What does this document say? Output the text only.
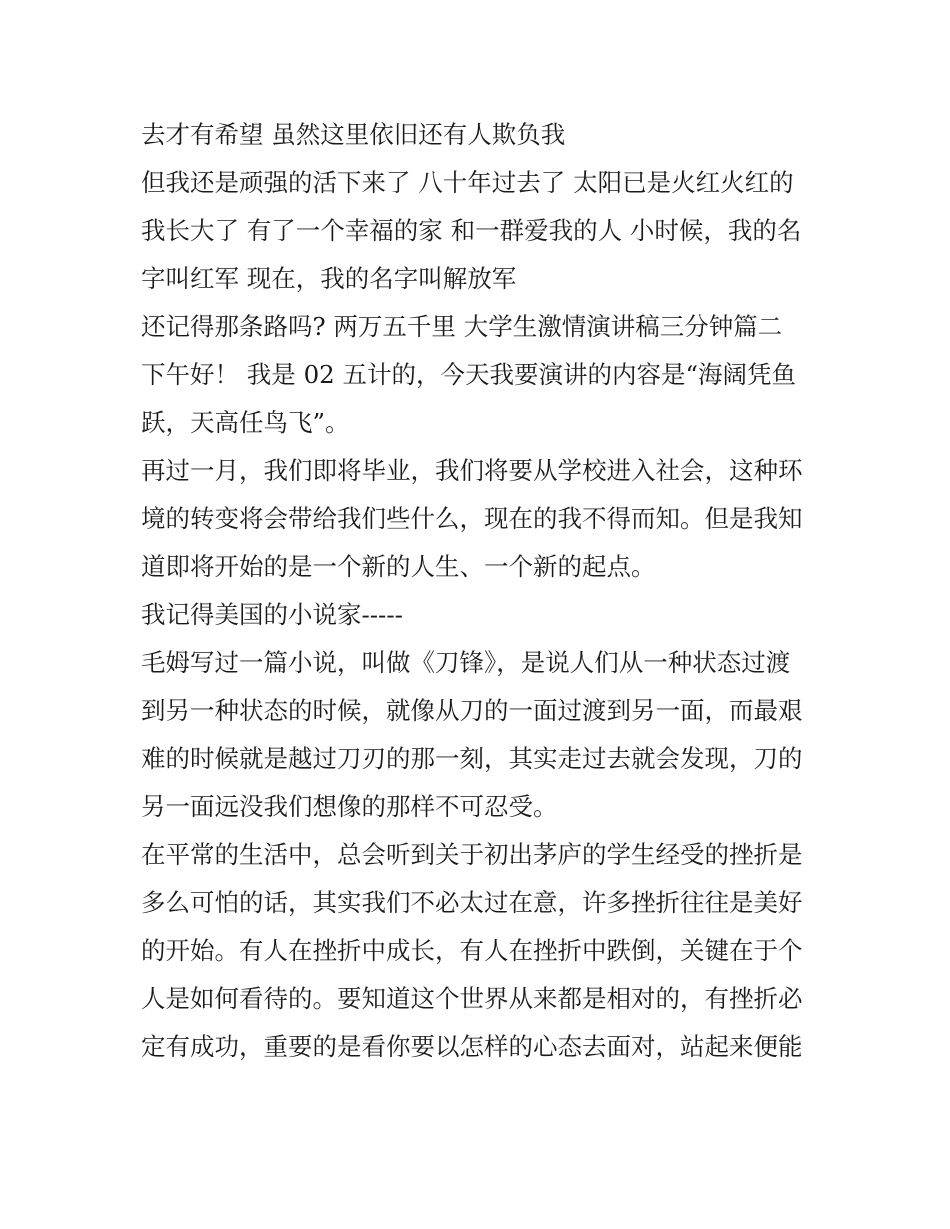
去才有希望 虽然这里依旧还有人欺负我
但我还是顽强的活下来了 八十年过去了 太阳已是火红火红的
我长大了 有了一个幸福的家 和一群爱我的人 小时候，我的名
字叫红军 现在，我的名字叫解放军
还记得那条路吗? 两万五千里 大学生激情演讲稿三分钟篇二
下午好！ 我是 02 五计的，今天我要演讲的内容是“海阔凭鱼
跃，天高任鸟飞”。
再过一月，我们即将毕业，我们将要从学校进入社会，这种环
境的转变将会带给我们些什么，现在的我不得而知。但是我知
道即将开始的是一个新的人生、一个新的起点。
我记得美国的小说家-----
毛姆写过一篇小说，叫做《刀锋》，是说人们从一种状态过渡
到另一种状态的时候，就像从刀的一面过渡到另一面，而最艰
难的时候就是越过刀刃的那一刻，其实走过去就会发现，刀的
另一面远没我们想像的那样不可忍受。
在平常的生活中，总会听到关于初出茅庐的学生经受的挫折是
多么可怕的话，其实我们不必太过在意，许多挫折往往是美好
的开始。有人在挫折中成长，有人在挫折中跌倒，关键在于个
人是如何看待的。要知道这个世界从来都是相对的，有挫折必
定有成功，重要的是看你要以怎样的心态去面对，站起来便能
